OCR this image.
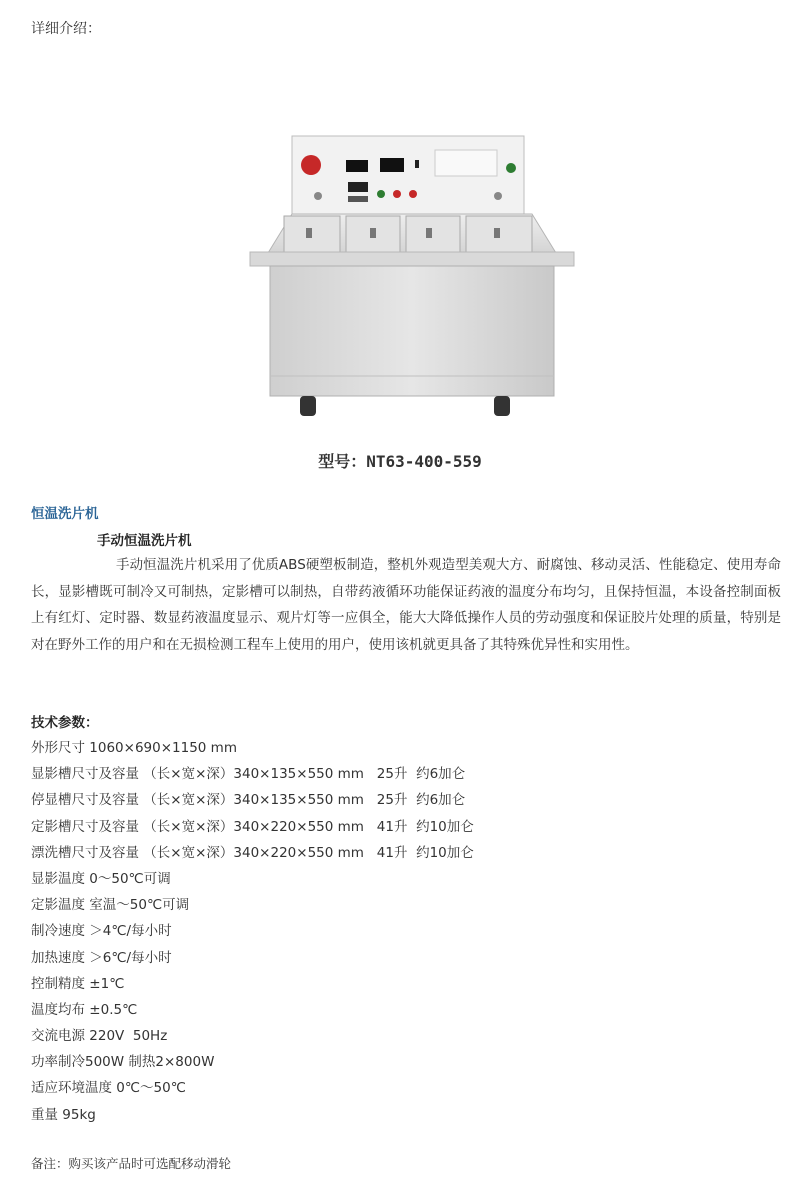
详细介绍：
型号：NT63-400-559
恒温洗片机
手动恒温洗片机

手动恒温洗片机采用了优质ABS硬塑板制造，整机外观造型美观大方、耐腐蚀、移动灵活、性能稳定、使用寿命长，显影槽既可制冷又可制热，定影槽可以制热，自带药液循环功能保证药液的温度分布均匀，且保持恒温，本设备控制面板上有红灯、定时器、数显药液温度显示、观片灯等一应俱全，能大大降低操作人员的劳动强度和保证胶片处理的质量，特别是对在野外工作的用户和在无损检测工程车上使用的用户，使用该机就更具备了其特殊优异性和实用性。

技术参数：
外形尺寸 1060×690×1150 mm
显影槽尺寸及容量 （长×宽×深）340×135×550 mm   25升  约6加仑
停显槽尺寸及容量 （长×宽×深）340×135×550 mm   25升  约6加仑
定影槽尺寸及容量 （长×宽×深）340×220×550 mm   41升  约10加仑
漂洗槽尺寸及容量 （长×宽×深）340×220×550 mm   41升  约10加仑
显影温度 0～50℃可调
定影温度 室温～50℃可调
制冷速度 ＞4℃/每小时
加热速度 ＞6℃/每小时
控制精度 ±1℃
温度均布 ±0.5℃
交流电源 220V  50Hz
功率制冷500W 制热2×800W
适应环境温度 0℃～50℃
重量 95kg
备注：购买该产品时可选配移动滑轮
